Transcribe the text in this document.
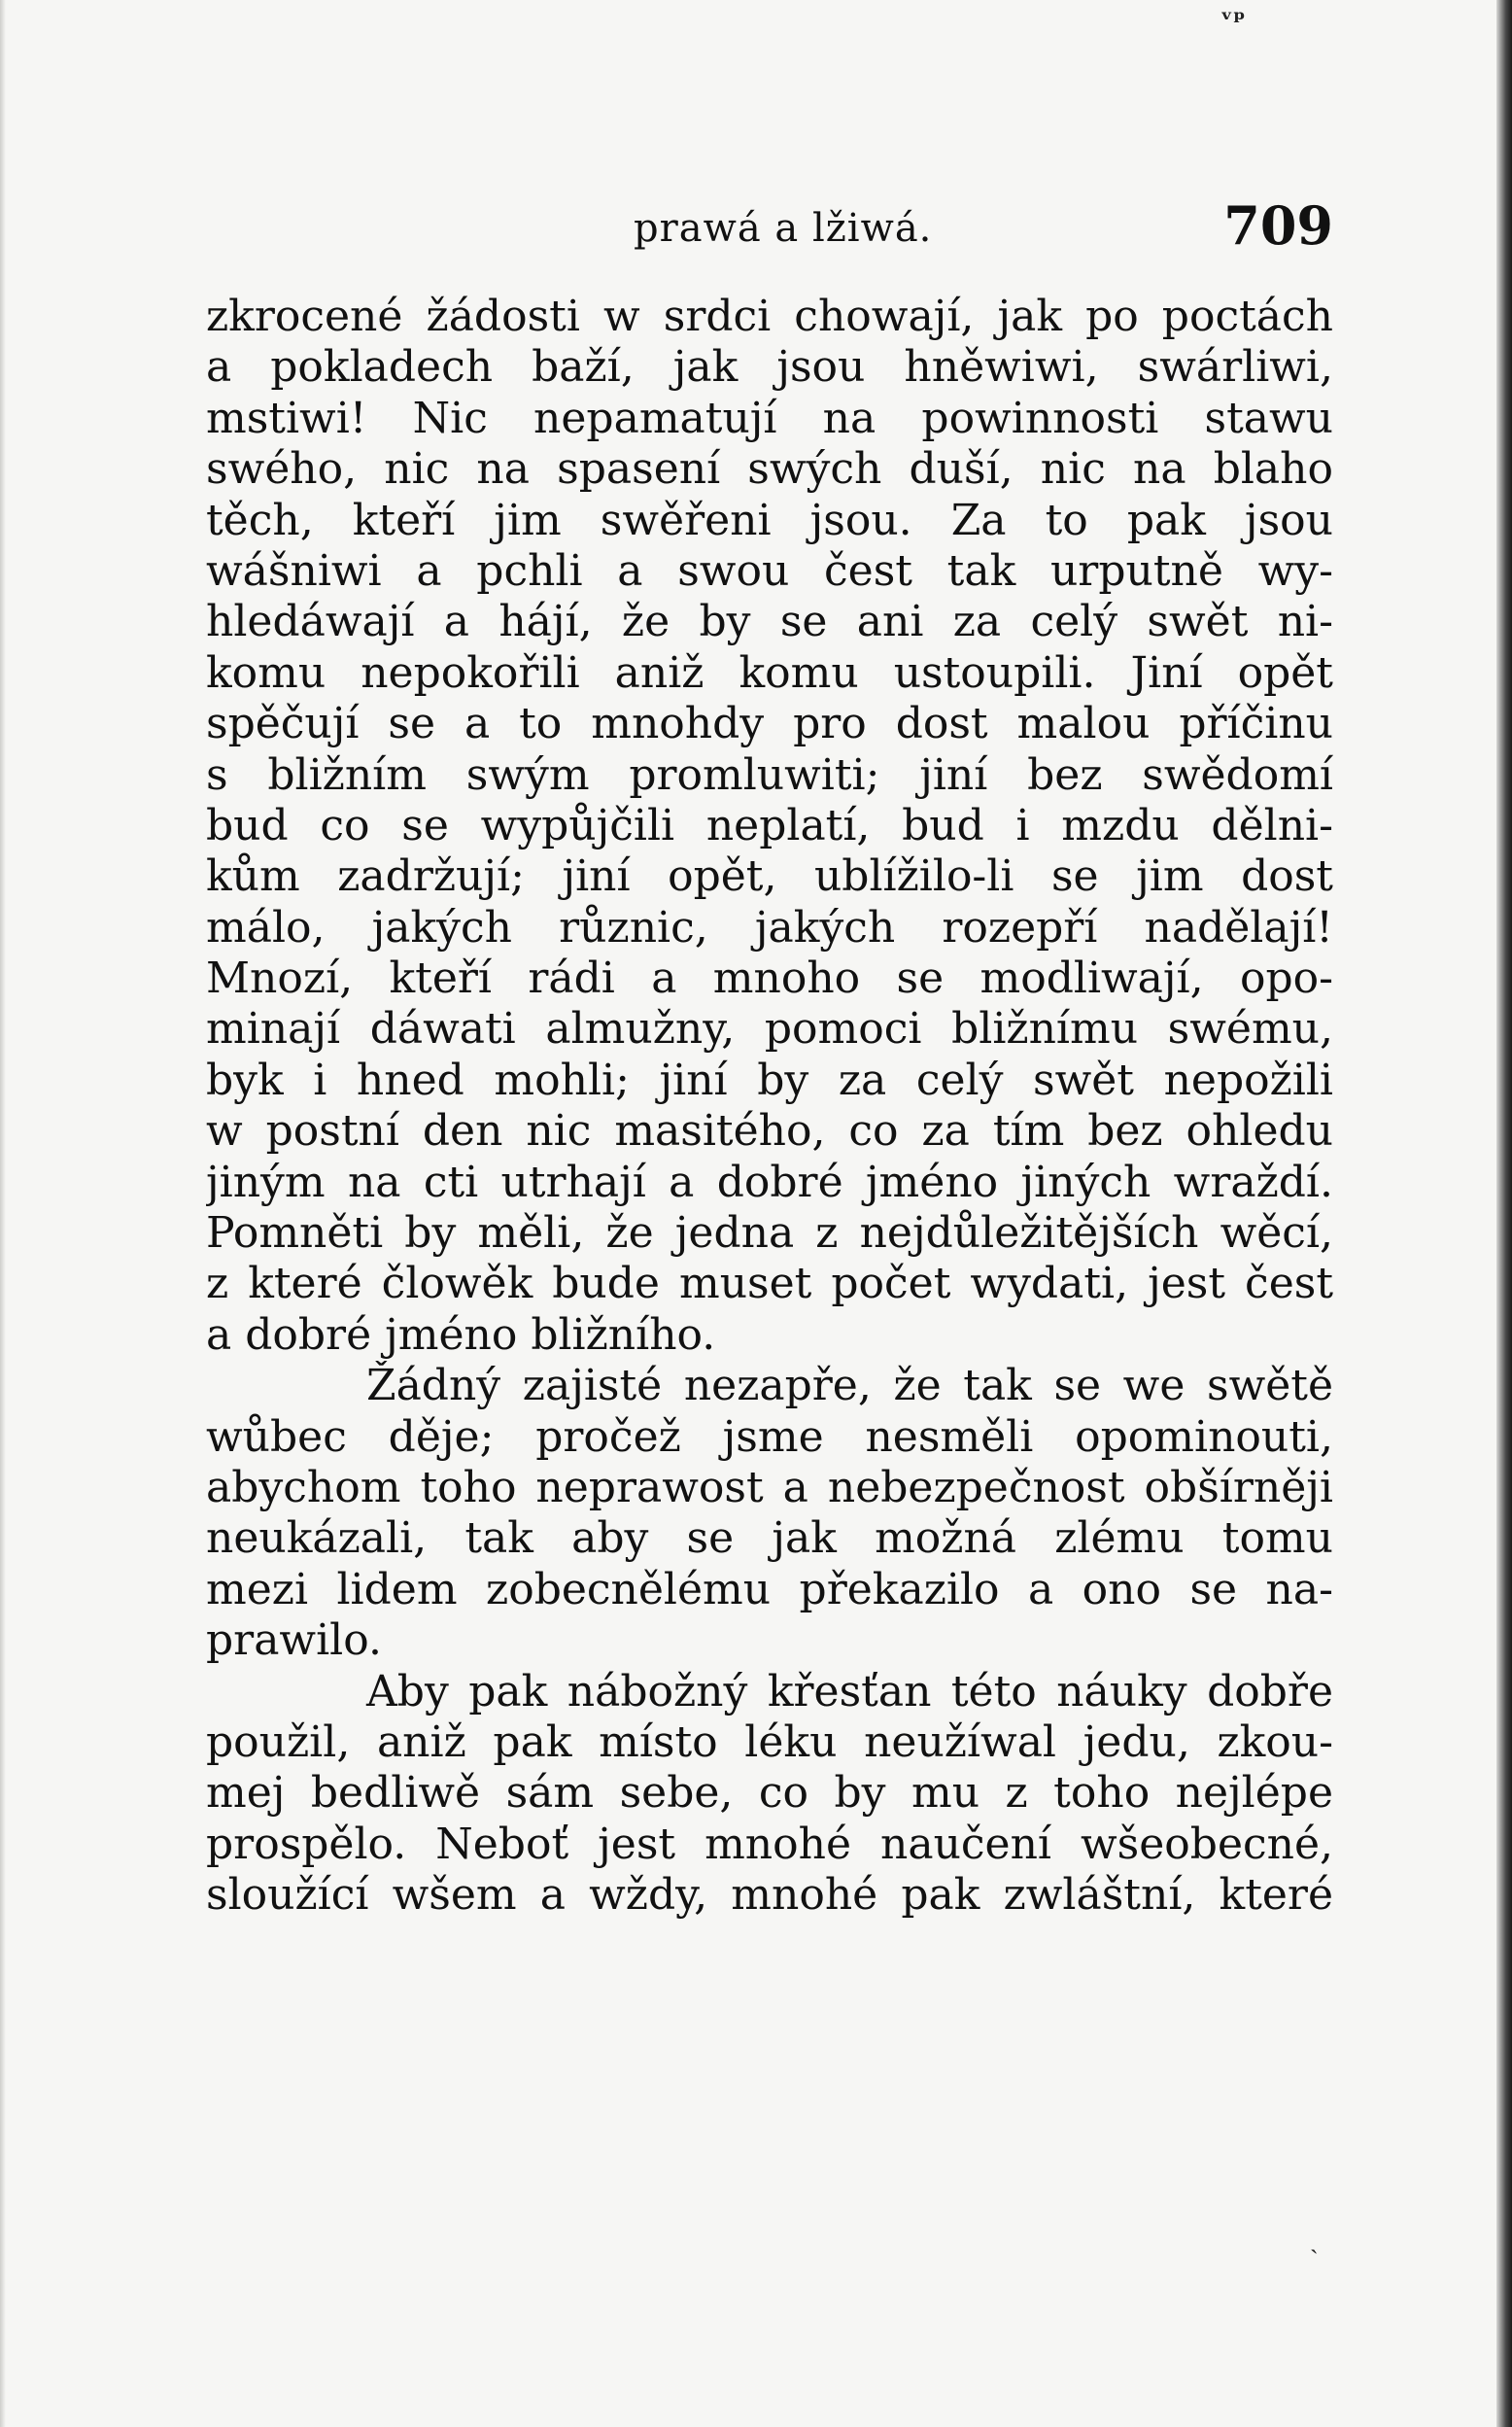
ᵛᵖ
prawá a lžiwá.	709
zkrocené žádosti w srdci chowají, jak po poctách
a pokladech baží, jak jsou hněwiwi, swárliwi,
mstiwi! Nic nepamatují na powinnosti stawu
swého, nic na spasení swých duší, nic na blaho
těch, kteří jim swěřeni jsou. Za to pak jsou
wášniwi a pchli a swou čest tak urputně wy-
hledáwají a hájí, že by se ani za celý swět ni-
komu nepokořili aniž komu ustoupili. Jiní opět
spěčují se a to mnohdy pro dost malou příčinu
s bližním swým promluwiti; jiní bez swědomí
bud co se wypůjčili neplatí, bud i mzdu dělni-
kům zadržují; jiní opět, ublížilo-li se jim dost
málo, jakých různic, jakých rozepří nadělají!
Mnozí, kteří rádi a mnoho se modliwají, opo-
minají dáwati almužny, pomoci bližnímu swému,
byk i hned mohli; jiní by za celý swět nepožili
w postní den nic masitého, co za tím bez ohledu
jiným na cti utrhají a dobré jméno jiných wraždí.
Pomněti by měli, že jedna z nejdůležitějších wěcí,
z které člowěk bude muset počet wydati, jest čest
a dobré jméno bližního.
Žádný zajisté nezapře, že tak se we swětě
wůbec děje; pročež jsme nesměli opominouti,
abychom toho neprawost a nebezpečnost obšírněji
neukázali, tak aby se jak možná zlému tomu
mezi lidem zobecnělému překazilo a ono se na-
prawilo.
Aby pak nábožný křesťan této náuky dobře
použil, aniž pak místo léku neužíwal jedu, zkou-
mej bedliwě sám sebe, co by mu z toho nejlépe
prospělo. Neboť jest mnohé naučení wšeobecné,
sloužící wšem a wždy, mnohé pak zwláštní, které
ˎ
